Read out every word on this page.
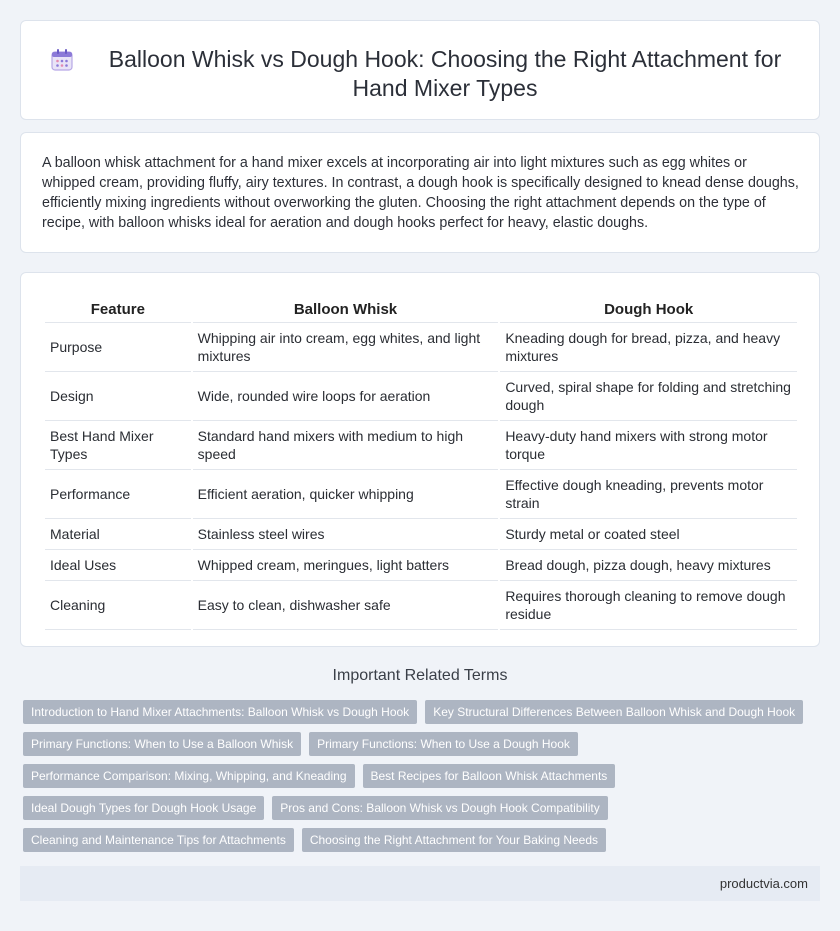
Balloon Whisk vs Dough Hook: Choosing the Right Attachment for Hand Mixer Types

A balloon whisk attachment for a hand mixer excels at incorporating air into light mixtures such as egg whites or whipped cream, providing fluffy, airy textures. In contrast, a dough hook is specifically designed to knead dense doughs, efficiently mixing ingredients without overworking the gluten. Choosing the right attachment depends on the type of recipe, with balloon whisks ideal for aeration and dough hooks perfect for heavy, elastic doughs.

Feature	Balloon Whisk	Dough Hook
Purpose	Whipping air into cream, egg whites, and light mixtures	Kneading dough for bread, pizza, and heavy mixtures
Design	Wide, rounded wire loops for aeration	Curved, spiral shape for folding and stretching dough
Best Hand Mixer Types	Standard hand mixers with medium to high speed	Heavy-duty hand mixers with strong motor torque
Performance	Efficient aeration, quicker whipping	Effective dough kneading, prevents motor strain
Material	Stainless steel wires	Sturdy metal or coated steel
Ideal Uses	Whipped cream, meringues, light batters	Bread dough, pizza dough, heavy mixtures
Cleaning	Easy to clean, dishwasher safe	Requires thorough cleaning to remove dough residue
Important Related Terms
Introduction to Hand Mixer Attachments: Balloon Whisk vs Dough Hook	Key Structural Differences Between Balloon Whisk and Dough Hook
Primary Functions: When to Use a Balloon Whisk	Primary Functions: When to Use a Dough Hook
Performance Comparison: Mixing, Whipping, and Kneading	Best Recipes for Balloon Whisk Attachments
Ideal Dough Types for Dough Hook Usage	Pros and Cons: Balloon Whisk vs Dough Hook Compatibility
Cleaning and Maintenance Tips for Attachments	Choosing the Right Attachment for Your Baking Needs
productvia.com
